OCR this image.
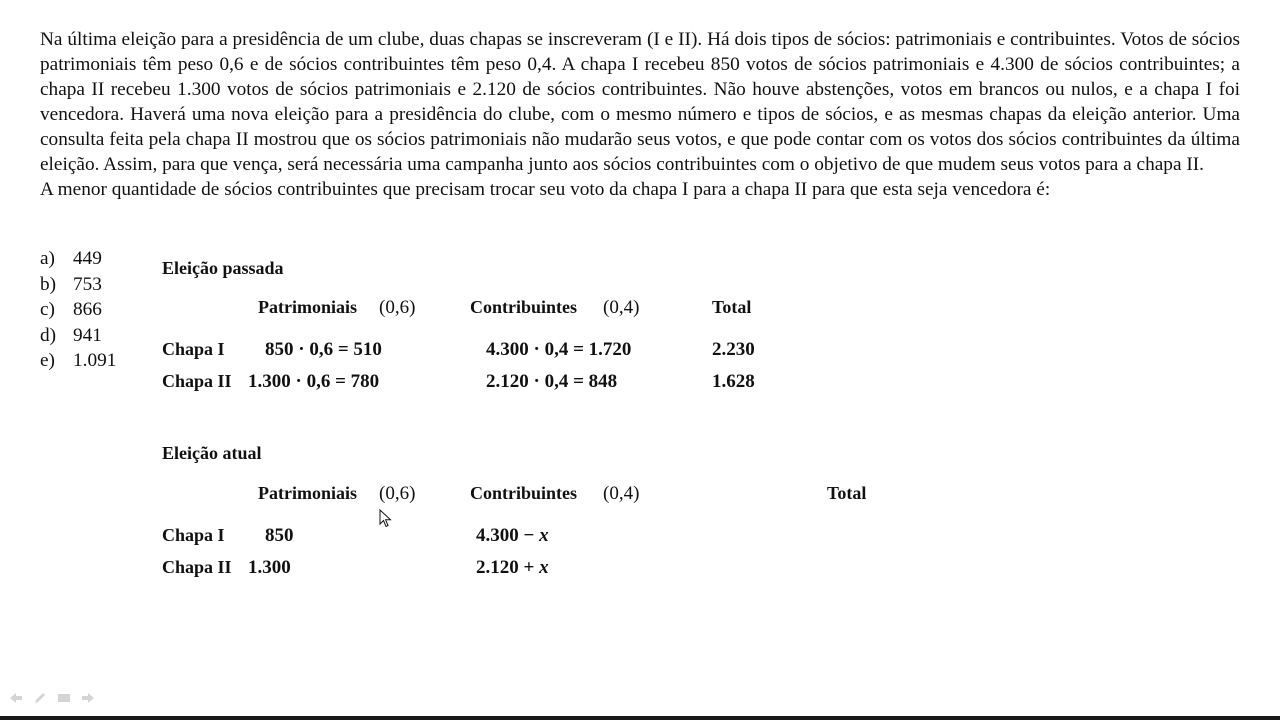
Na última eleição para a presidência de um clube, duas chapas se inscreveram (I e II). Há dois tipos de sócios: patrimoniais e contribuintes. Votos de sócios patrimoniais têm peso 0,6 e de sócios contribuintes têm peso 0,4. A chapa I recebeu 850 votos de sócios patrimoniais e 4.300 de sócios contribuintes; a chapa II recebeu 1.300 votos de sócios patrimoniais e 2.120 de sócios contribuintes. Não houve abstenções, votos em brancos ou nulos, e a chapa I foi vencedora. Haverá uma nova eleição para a presidência do clube, com o mesmo número e tipos de sócios, e as mesmas chapas da eleição anterior. Uma consulta feita pela chapa II mostrou que os sócios patrimoniais não mudarão seus votos, e que pode contar com os votos dos sócios contribuintes da última eleição. Assim, para que vença, será necessária uma campanha junto aos sócios contribuintes com o objetivo de que mudem seus votos para a chapa II.

A menor quantidade de sócios contribuintes que precisam trocar seu voto da chapa I para a chapa II para que esta seja vencedora é:

a) 449
b) 753
c) 866
d) 941
e) 1.091
Eleição passada
Patrimoniais (0,6)	Contribuintes (0,4)	Total
Chapa I 850 · 0,6 = 510	4.300 · 0,4 = 1.720	2.230
Chapa II 1.300 · 0,6 = 780	2.120 · 0,4 = 848	1.628
Eleição atual
Patrimoniais (0,6)	Contribuintes (0,4)	Total
Chapa I 850	4.300 − x
Chapa II 1.300	2.120 + x
